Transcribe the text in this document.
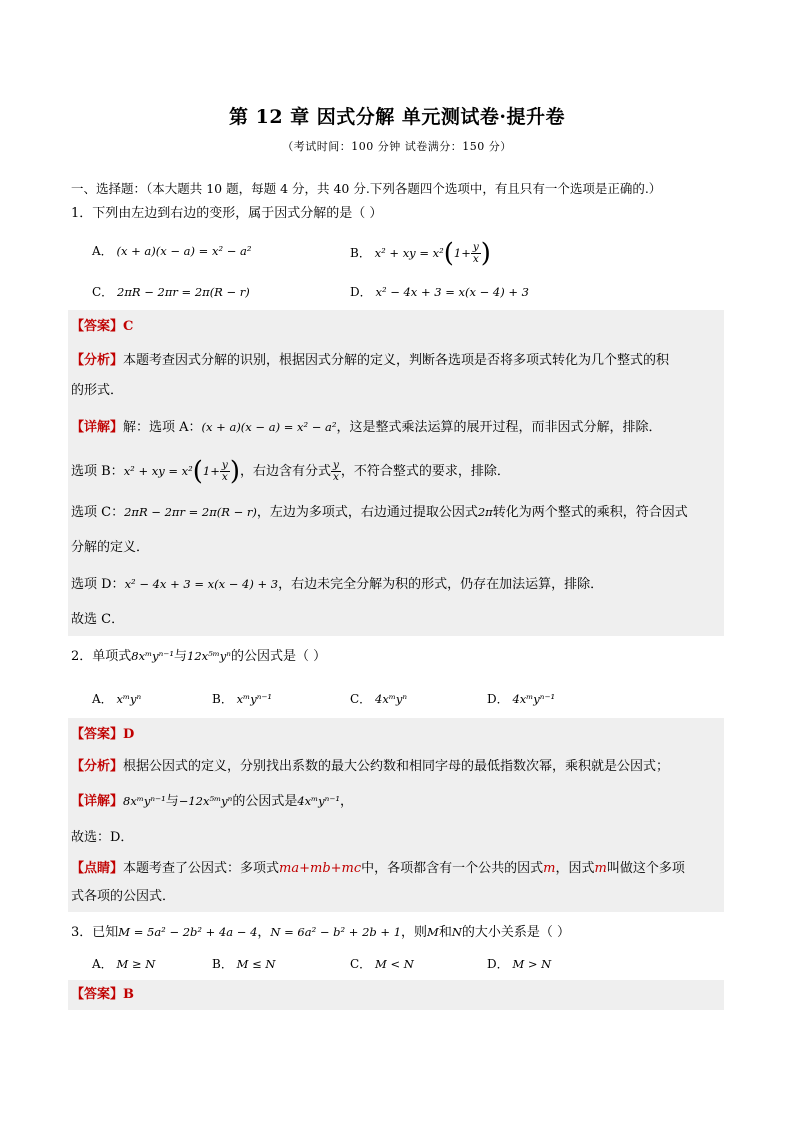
第 12 章 因式分解 单元测试卷·提升卷
（考试时间：100 分钟 试卷满分：150 分）
一、选择题：（本大题共 10 题，每题 4 分，共 40 分.下列各题四个选项中，有且只有一个选项是正确的.）
1．下列由左边到右边的变形，属于因式分解的是（ ）
A． (x + a)(x − a) = x² − a²	B． x² + xy = $x^2(1+ \frac{y}{x}$ )
C． 2πR − 2πr = 2π(R − r)	D． x² − 4x + 3 = x(x − 4) + 3
【答案】C
【分析】本题考查因式分解的识别，根据因式分解的定义，判断各选项是否将多项式转化为几个整式的积
的形式．
【详解】解：选项 A：(x + a)(x − a) = x² − a²，这是整式乘法运算的展开过程，而非因式分解，排除．
选项 B：x² + xy = $x^2(1+ \frac{y}{x}$ )，右边含有分式 $\frac{y}{x}$ ，不符合整式的要求，排除．
选项 C：2πR − 2πr = 2π(R − r)，左边为多项式，右边通过提取公因式2π转化为两个整式的乘积，符合因式
分解的定义．
选项 D：x² − 4x + 3 = x(x − 4) + 3，右边未完全分解为积的形式，仍存在加法运算，排除．
故选 C．
2．单项式8xᵐyⁿ⁻¹与12x⁵ᵐyⁿ的公因式是（ ）
A． xᵐyⁿ	B． xᵐyⁿ⁻¹	C． 4xᵐyⁿ	D． 4xᵐyⁿ⁻¹
【答案】D
【分析】根据公因式的定义，分别找出系数的最大公约数和相同字母的最低指数次幂，乘积就是公因式；
【详解】8xᵐyⁿ⁻¹与−12x⁵ᵐyⁿ的公因式是4xᵐyⁿ⁻¹，
故选：D．
【点睛】本题考查了公因式：多项式ma+mb+mc中，各项都含有一个公共的因式m，因式m叫做这个多项
式各项的公因式．
3．已知M = 5a² − 2b² + 4a − 4，N = 6a² − b² + 2b + 1，则M和N的大小关系是（ ）
A． M ≥ N	B． M ≤ N	C． M < N	D． M > N
【答案】B
